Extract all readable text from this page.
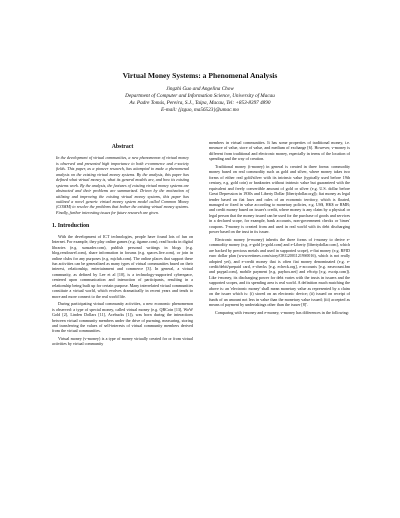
Virtual Money Systems: a Phenomenal Analysis
Jingzhi Guo and Angelina Chow
Department of Computer and Information Science, University of Macau
Av. Padre Tomás, Pereira, S.J., Taipa, Macau, Tel: +853-8397 4890
E-mail: {jzguo, ma56523}@umac.mo
Abstract

In the development of virtual communities, a new phenomenon of virtual money is observed and presented high importance to both e-commerce and e-society fields. This paper, as a pioneer research, has attempted to make a phenomenal analysis on the existing virtual money systems. By the analysis, this paper has defined what virtual money is, what its general models are, and how its existing systems work. By the analysis, the features of existing virtual money systems are abstracted and their problems are summarized. Driven by the motivation of utilizing and improving the existing virtual money systems, this paper has outlined a novel generic virtual money system model called Common Money (COMM) to resolve the problems that bother the existing virtual money systems. Finally, further interesting issues for future research are given.

1. Introduction

With the development of ICT technologies, people have found lots of fun on Internet. For example, they play online games (e.g. itgame.com), read books in digital libraries (e.g. sunsader.com), publish personal writings in blogs (e.g. blog.rendouvel.com), share information in forums (e.g. spaces.live.com), or join in online clubs for any purposes (e.g. mjclub.com). The online places that support these fun activities can be generalized as many types of virtual communities based on their interest, relationship, entertainment and commerce [3]. In general, a virtual community, as defined by Lee et al [10], is a technology-supported cyberspace, centered upon communication and interaction of participants, resulting in a relationship being built up for certain purpose. Many interrelated virtual communities constitute a virtual world, which evolves dramatically in recent years and tends to more and more connect to the real world life.

During participating virtual community activities, a new economic phenomenon is observed: a type of special money, called virtual money (e.g. QBCoin [13], WoW Gold [2], Linden Dollars [11], Acebucks [1]), was born during the interactions between virtual community members under the drive of purming, measuring, storing and transferring the values of self-interests of virtual community members derived from the virtual communities.

Virtual money (v-money) is a type of money virtually created for or from virtual activities by virtual community

members in virtual communities. It has some properties of traditional money, i.e. measure of value, store of value, and medium of exchange [6]. However, v-money is different from traditional and electronic money, especially in terms of the location of spending and the way of creation.

Traditional money (t-money) in general is created in three forms: commodity money based on real commodity such as gold and silver, where money takes two forms of either real gold/silver with its intrinsic value (typically used before 19th century, e.g. gold coin) or banknotes without intrinsic value but guaranteed with the equivalent and freely convertible amount of gold or silver (e.g. U.S. dollar before Great Depression in 1930s and Liberty Dollar [libertydollar.org]); fiat money as legal tender based on fiat laws and rules of an economic territory, which is floated, managed or fixed in value according to monetary policies, e.g. US$, HK$ or RMB; and credit money based on issuer's credit, where money is any claim by a physical or legal person that the money issued can be used for the purchase of goods and services in a declared scope, for example, bank accounts, non-government checks or 'times' coupons. T-money is created from and used in real world with its debt discharging power based on the trust in its issuer.

Electronic money (e-money) inherits the three forms of t-money to derive e-commodity money (e.g. e-gold [e-gold.com] and e-Liberty [libertydollar.com], which are backed by precious metals and used in supported scope), e-fiat money (e.g. RFID euro dollar plan (www.eetimes.com/story/OEG20011219S0016), which is not really adopted yet), and e-credit money that is often fiat money denominated (e.g. e-credit/debit/prepaid card, e-checks [e.g. echeck.org], e-accounts [e.g. easecount.bm and paypal.com], mobile payment [e.g. paybox.net] and eScrip [e.g. escrip.com]). Like t-money, its discharging power for debt varies with the trusts in issuers and the supported scopes, and its spending area is real world. A definition much matching the above is: an 'electronic money' shall mean monetary value as represented by a claim on the issuer which is: (i) stored on an electronic device; (ii) issued on receipt of funds of an amount not less in value than the monetary value issued; (iii) accepted as means of payment by undertakings other than the issuer [8]'.

Comparing with t-money and e-money, v-money has differences in the following:
